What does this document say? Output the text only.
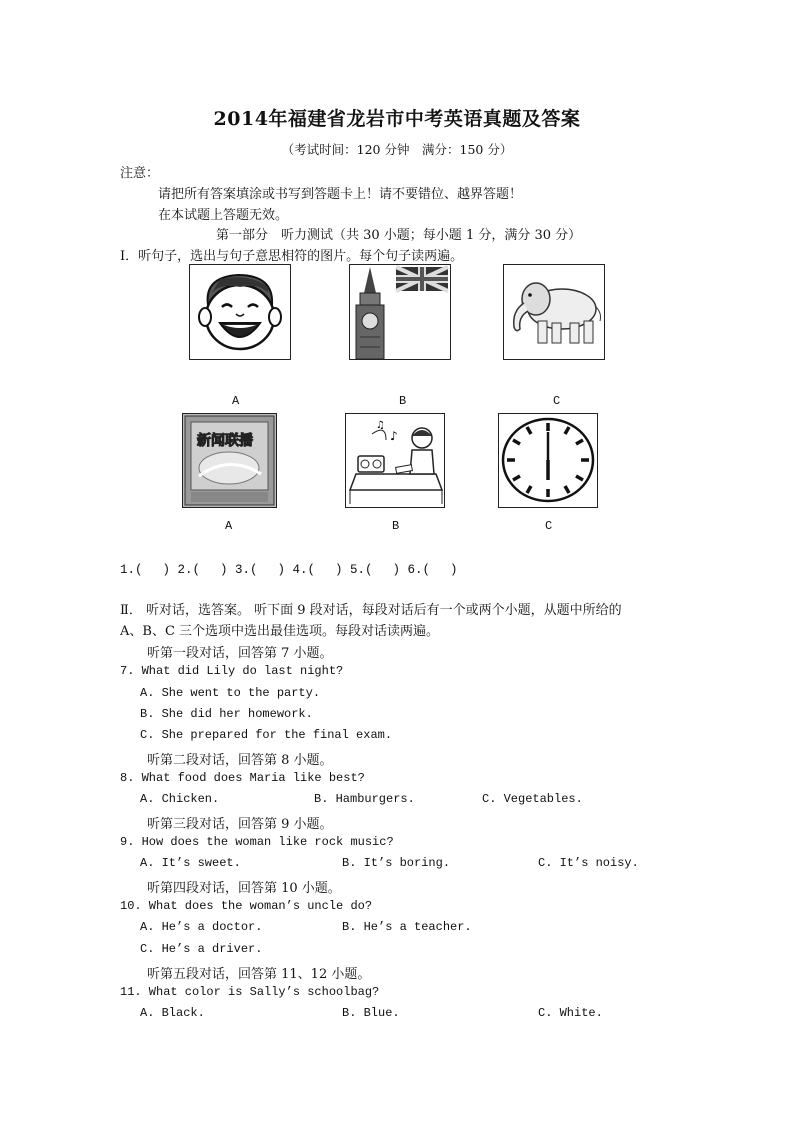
2014年福建省龙岩市中考英语真题及答案
（考试时间：120 分钟　满分：150 分）
注意：
请把所有答案填涂或书写到答题卡上！请不要错位、越界答题！
在本试题上答题无效。
第一部分　听力测试（共 30 小题；每小题 1 分，满分 30 分）
Ⅰ．听句子，选出与句子意思相符的图片。每个句子读两遍。
A	B	C
新闻联播	♪
♫
A	B	C
1.(　 ) 2.(　 ) 3.(　 ) 4.(　 ) 5.(　 ) 6.(　 )
Ⅱ． 听对话，选答案。 听下面 9 段对话，每段对话后有一个或两个小题，从题中所给的
A、B、C 三个选项中选出最佳选项。每段对话读两遍。
听第一段对话，回答第 7 小题。
7. What did Lily do last night?
A. She went to the party.
B. She did her homework.
C. She prepared for the final exam.
听第二段对话，回答第 8 小题。
8. What food does Maria like best?
A. Chicken.	B. Hamburgers.	C. Vegetables.
听第三段对话，回答第 9 小题。
9. How does the woman like rock music?
A. It’s sweet.	B. It’s boring.	C. It’s noisy.
听第四段对话，回答第 10 小题。
10. What does the woman’s uncle do?
A. He’s a doctor.	B. He’s a teacher.
C. He’s a driver.
听第五段对话，回答第 11、12 小题。
11. What color is Sally’s schoolbag?
A. Black.	B. Blue.	C. White.
